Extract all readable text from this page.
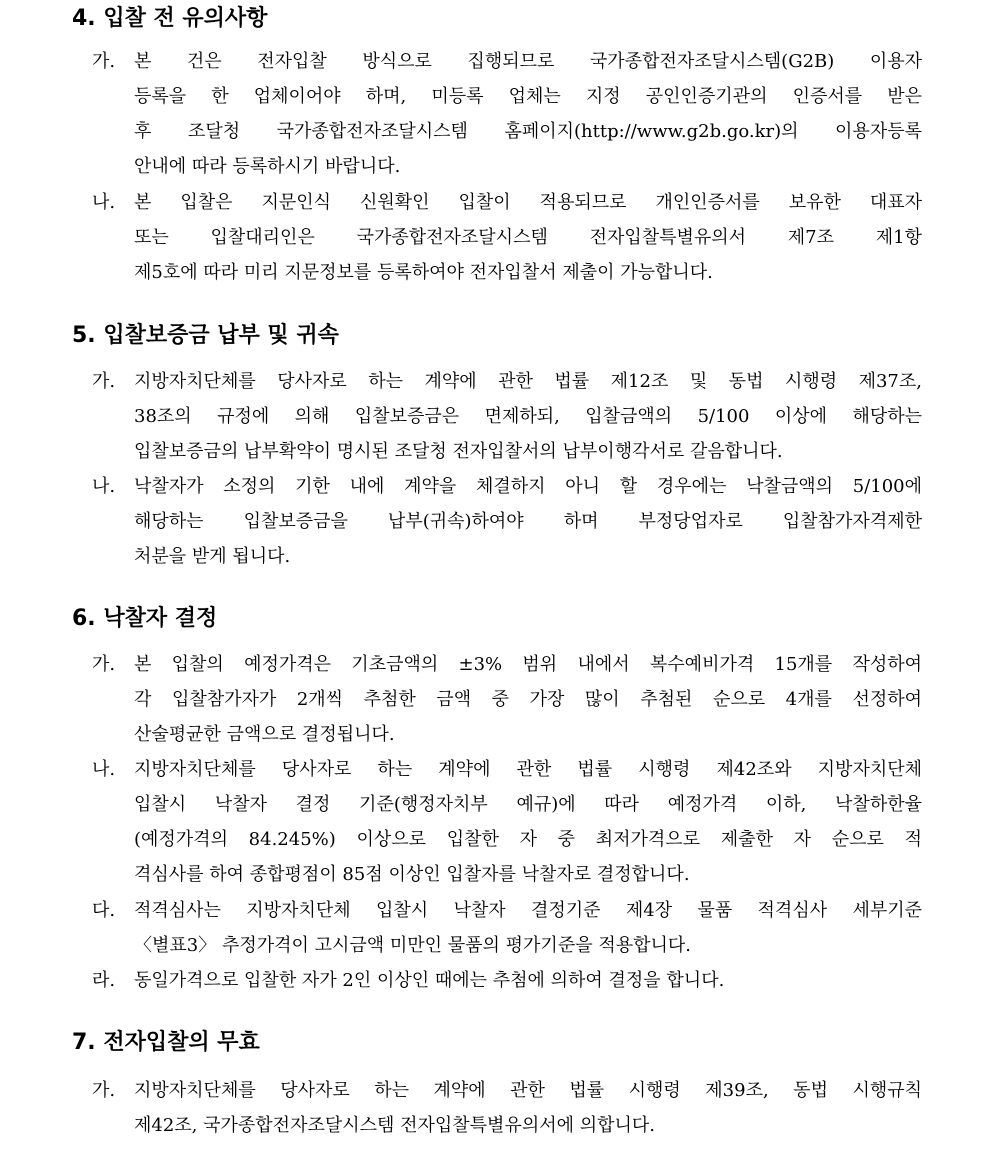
4. 입찰 전 유의사항
가. 본 건은 전자입찰 방식으로 집행되므로 국가종합전자조달시스템(G2B) 이용자
등록을 한 업체이어야 하며, 미등록 업체는 지정 공인인증기관의 인증서를 받은
후 조달청 국가종합전자조달시스템 홈페이지(http://www.g2b.go.kr)의 이용자등록
안내에 따라 등록하시기 바랍니다.
나. 본 입찰은 지문인식 신원확인 입찰이 적용되므로 개인인증서를 보유한 대표자
또는 입찰대리인은 국가종합전자조달시스템 전자입찰특별유의서 제7조 제1항
제5호에 따라 미리 지문정보를 등록하여야 전자입찰서 제출이 가능합니다.
5. 입찰보증금 납부 및 귀속
가. 지방자치단체를 당사자로 하는 계약에 관한 법률 제12조 및 동법 시행령 제37조,
38조의 규정에 의해 입찰보증금은 면제하되, 입찰금액의 5/100 이상에 해당하는
입찰보증금의 납부확약이 명시된 조달청 전자입찰서의 납부이행각서로 갈음합니다.
나. 낙찰자가 소정의 기한 내에 계약을 체결하지 아니 할 경우에는 낙찰금액의 5/100에
해당하는 입찰보증금을 납부(귀속)하여야 하며 부정당업자로 입찰참가자격제한
처분을 받게 됩니다.
6. 낙찰자 결정
가. 본 입찰의 예정가격은 기초금액의 ±3% 범위 내에서 복수예비가격 15개를 작성하여
각 입찰참가자가 2개씩 추첨한 금액 중 가장 많이 추첨된 순으로 4개를 선정하여
산술평균한 금액으로 결정됩니다.
나. 지방자치단체를 당사자로 하는 계약에 관한 법률 시행령 제42조와 지방자치단체
입찰시 낙찰자 결정 기준(행정자치부 예규)에 따라 예정가격 이하, 낙찰하한율
(예정가격의 84.245%) 이상으로 입찰한 자 중 최저가격으로 제출한 자 순으로 적
격심사를 하여 종합평점이 85점 이상인 입찰자를 낙찰자로 결정합니다.
다. 적격심사는 지방자치단체 입찰시 낙찰자 결정기준 제4장 물품 적격심사 세부기준
〈별표3〉 추정가격이 고시금액 미만인 물품의 평가기준을 적용합니다.
라. 동일가격으로 입찰한 자가 2인 이상인 때에는 추첨에 의하여 결정을 합니다.
7. 전자입찰의 무효
가. 지방자치단체를 당사자로 하는 계약에 관한 법률 시행령 제39조, 동법 시행규칙
제42조, 국가종합전자조달시스템 전자입찰특별유의서에 의합니다.
